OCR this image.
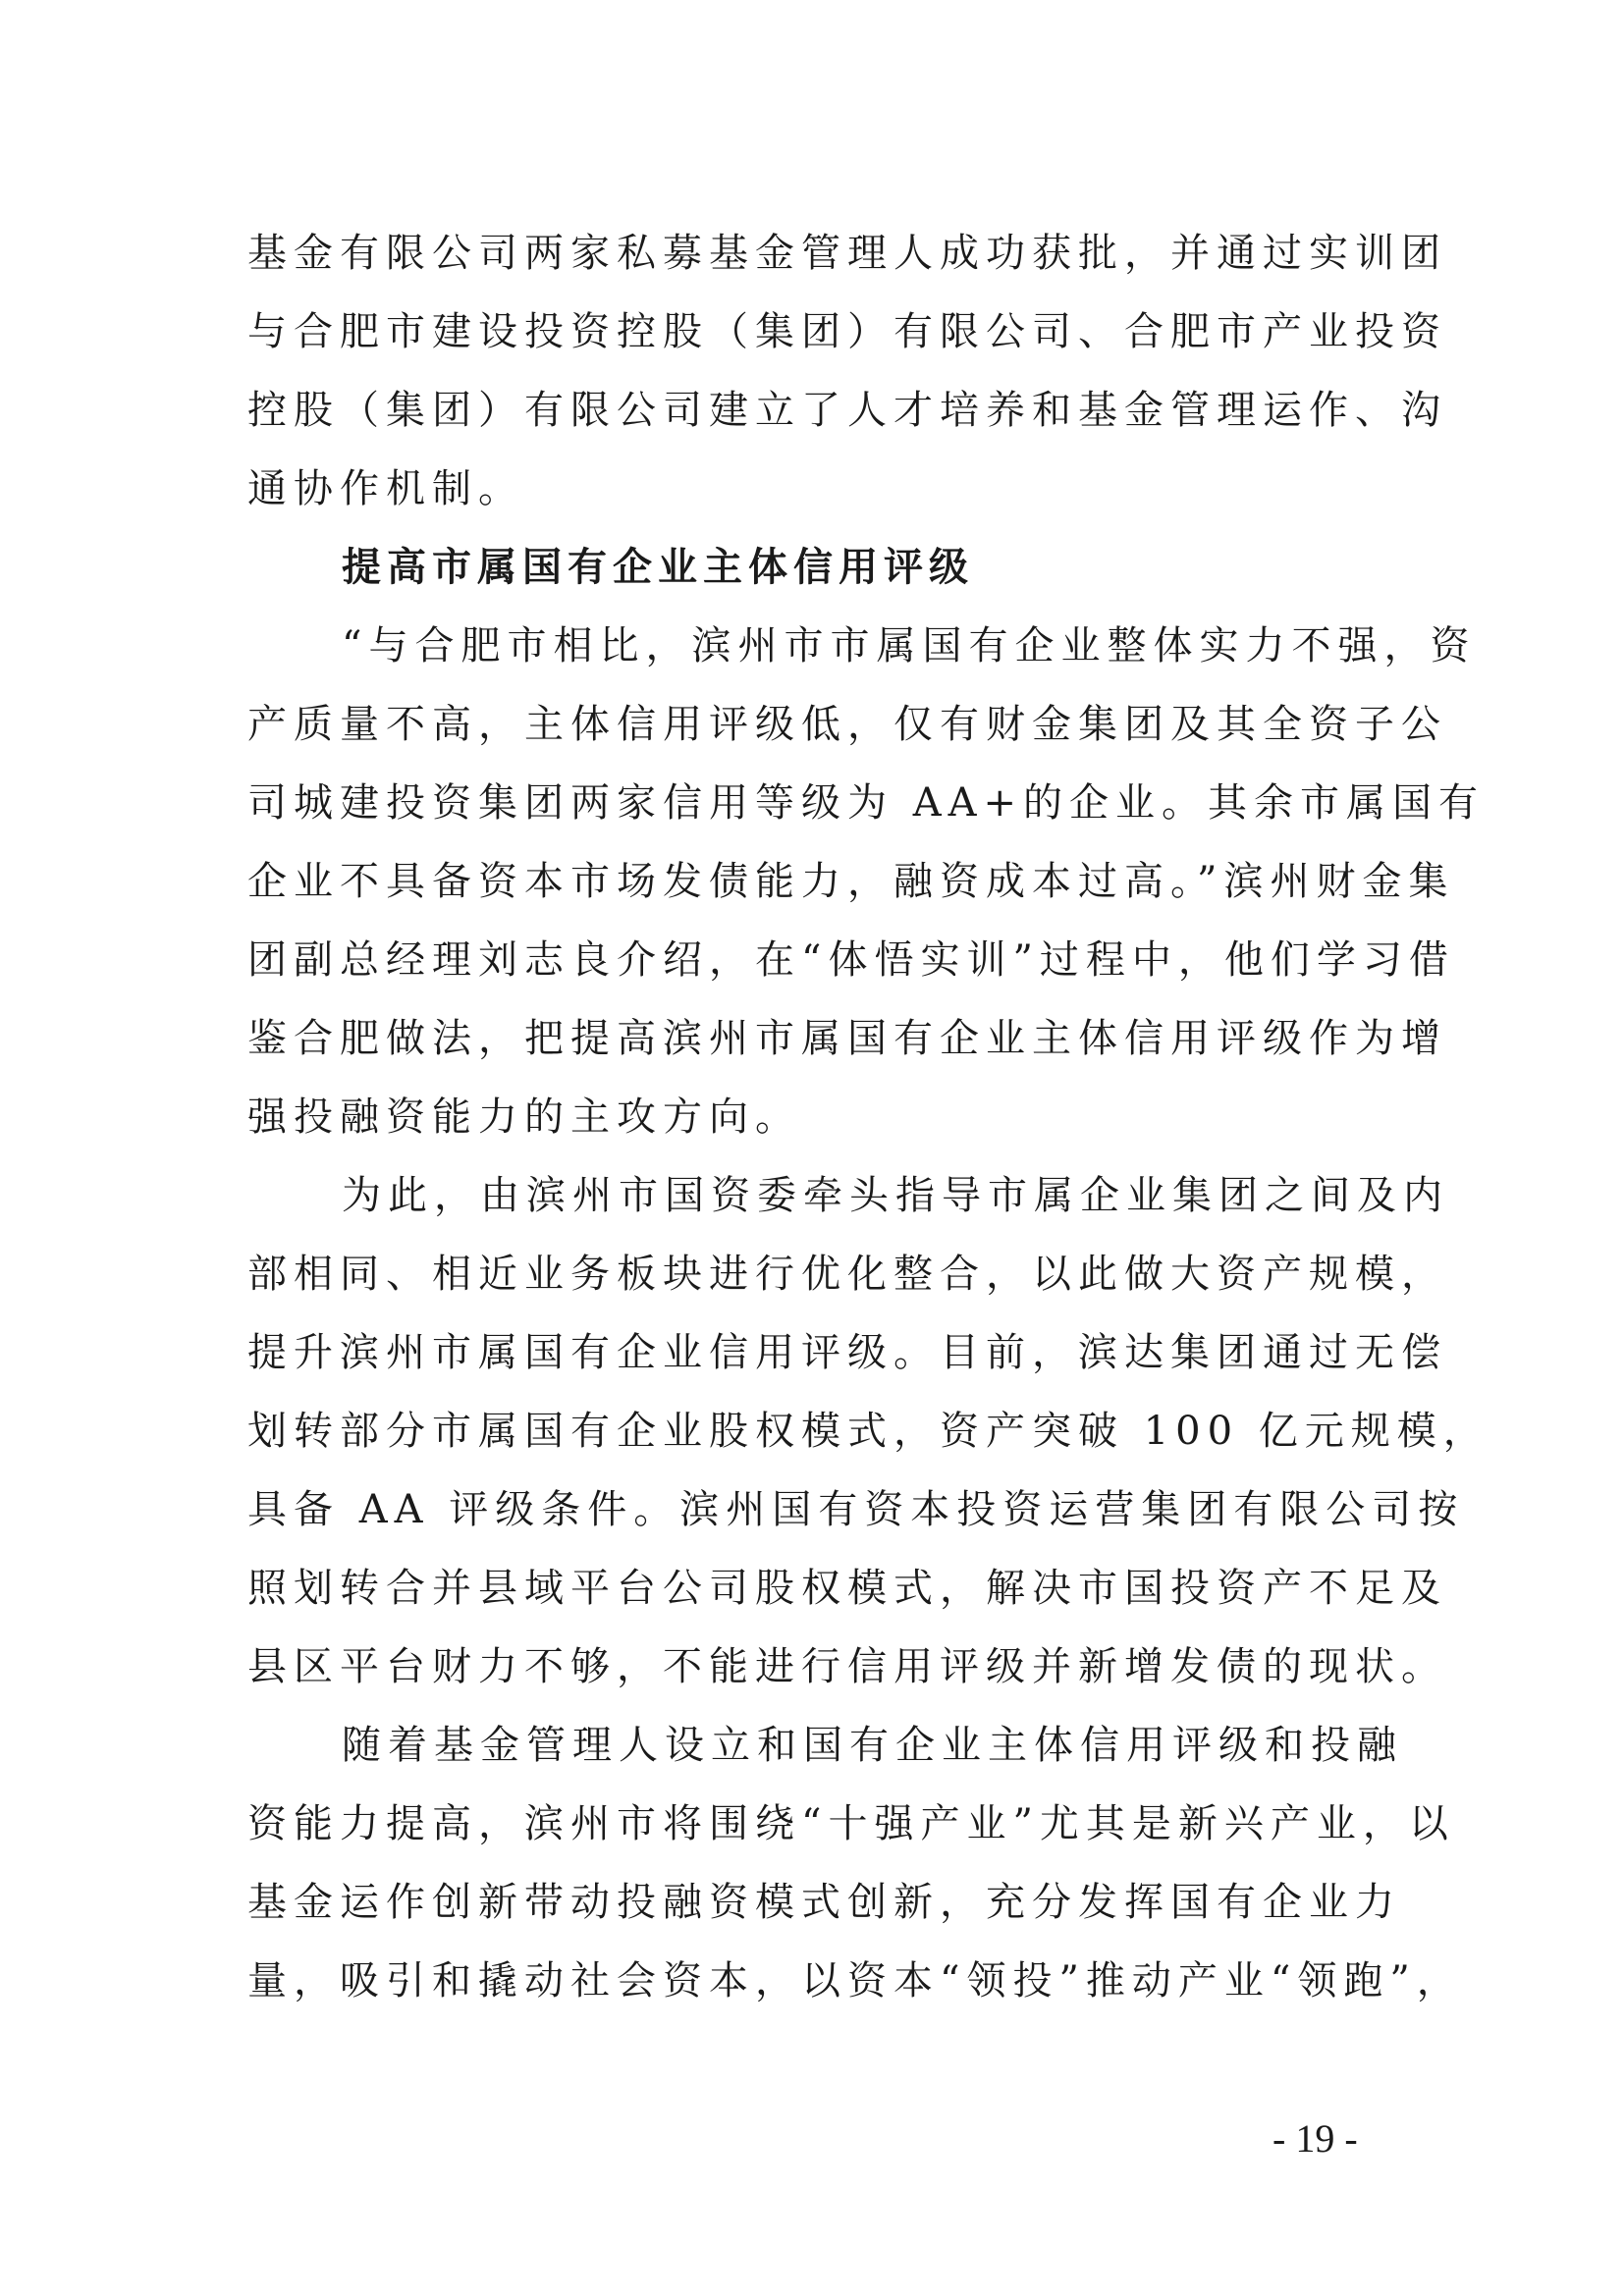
基金有限公司两家私募基金管理人成功获批，并通过实训团
与合肥市建设投资控股（集团）有限公司、合肥市产业投资
控股（集团）有限公司建立了人才培养和基金管理运作、沟
通协作机制。
提高市属国有企业主体信用评级
“与合肥市相比，滨州市市属国有企业整体实力不强，资
产质量不高，主体信用评级低，仅有财金集团及其全资子公
司城建投资集团两家信用等级为 AA+的企业。其余市属国有
企业不具备资本市场发债能力，融资成本过高。”滨州财金集
团副总经理刘志良介绍，在“体悟实训”过程中，他们学习借
鉴合肥做法，把提高滨州市属国有企业主体信用评级作为增
强投融资能力的主攻方向。
为此，由滨州市国资委牵头指导市属企业集团之间及内
部相同、相近业务板块进行优化整合，以此做大资产规模，
提升滨州市属国有企业信用评级。目前，滨达集团通过无偿
划转部分市属国有企业股权模式，资产突破 100 亿元规模，
具备 AA 评级条件。滨州国有资本投资运营集团有限公司按
照划转合并县域平台公司股权模式，解决市国投资产不足及
县区平台财力不够，不能进行信用评级并新增发债的现状。
随着基金管理人设立和国有企业主体信用评级和投融
资能力提高，滨州市将围绕“十强产业”尤其是新兴产业，以
基金运作创新带动投融资模式创新，充分发挥国有企业力
量，吸引和撬动社会资本，以资本“领投”推动产业“领跑”，
- 19 -
